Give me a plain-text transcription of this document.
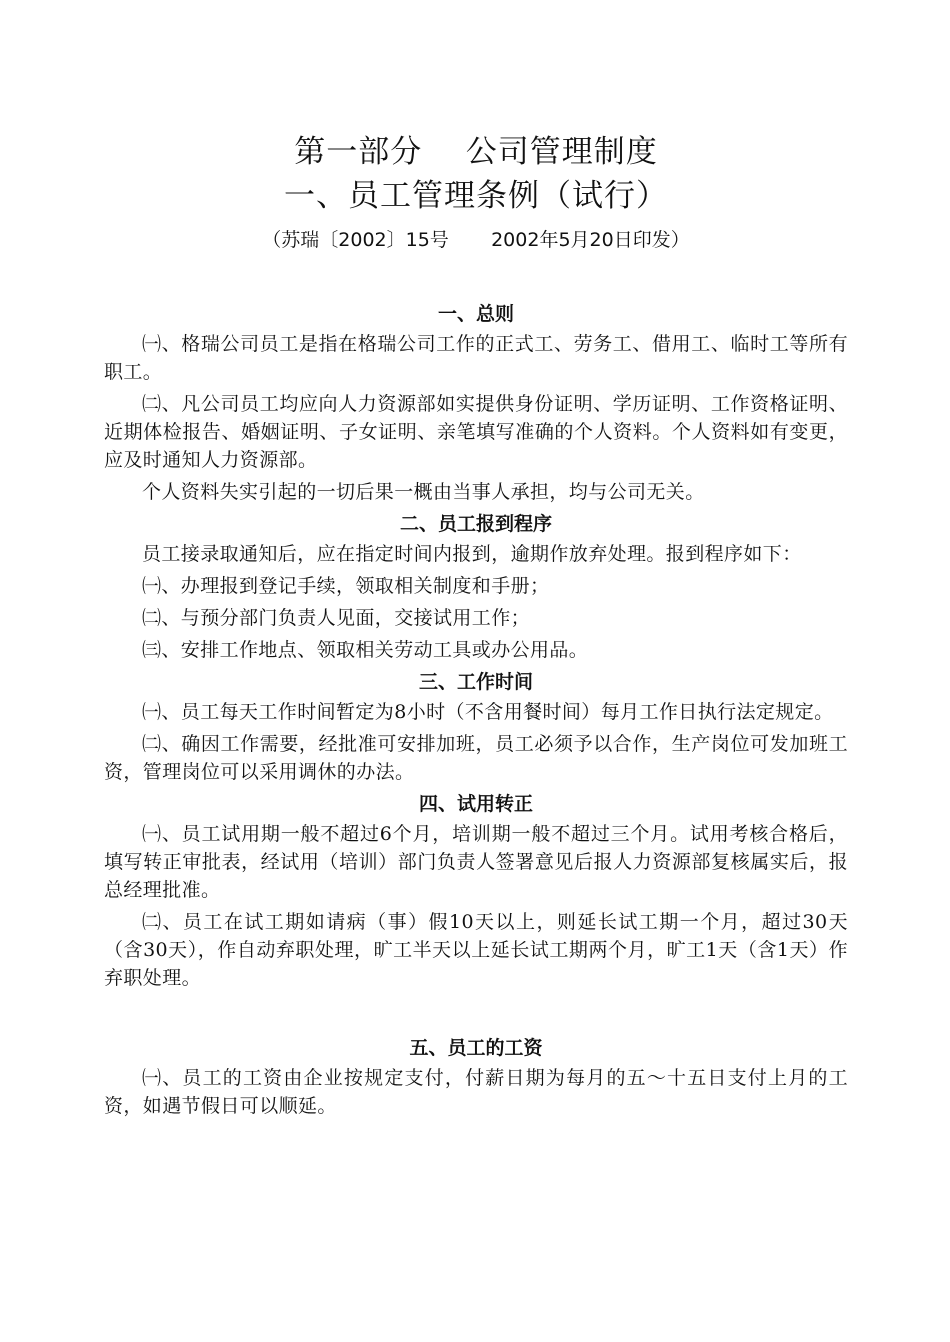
第一部分    公司管理制度
一、员工管理条例（试行）

（苏瑞〔2002〕15号       2002年5月20日印发）

一、总则

㈠、格瑞公司员工是指在格瑞公司工作的正式工、劳务工、借用工、临时工等所有职工。

㈡、凡公司员工均应向人力资源部如实提供身份证明、学历证明、工作资格证明、近期体检报告、婚姻证明、子女证明、亲笔填写准确的个人资料。个人资料如有变更，应及时通知人力资源部。

个人资料失实引起的一切后果一概由当事人承担，均与公司无关。

二、员工报到程序

员工接录取通知后，应在指定时间内报到，逾期作放弃处理。报到程序如下：

㈠、办理报到登记手续，领取相关制度和手册；

㈡、与预分部门负责人见面，交接试用工作；

㈢、安排工作地点、领取相关劳动工具或办公用品。

三、工作时间

㈠、员工每天工作时间暂定为8小时（不含用餐时间）每月工作日执行法定规定。

㈡、确因工作需要，经批准可安排加班，员工必须予以合作，生产岗位可发加班工资，管理岗位可以采用调休的办法。

四、试用转正

㈠、员工试用期一般不超过6个月，培训期一般不超过三个月。试用考核合格后，填写转正审批表，经试用（培训）部门负责人签署意见后报人力资源部复核属实后，报总经理批准。

㈡、员工在试工期如请病（事）假10天以上，则延长试工期一个月，超过30天（含30天），作自动弃职处理，旷工半天以上延长试工期两个月，旷工1天（含1天）作弃职处理。

五、员工的工资

㈠、员工的工资由企业按规定支付，付薪日期为每月的五～十五日支付上月的工资，如遇节假日可以顺延。
